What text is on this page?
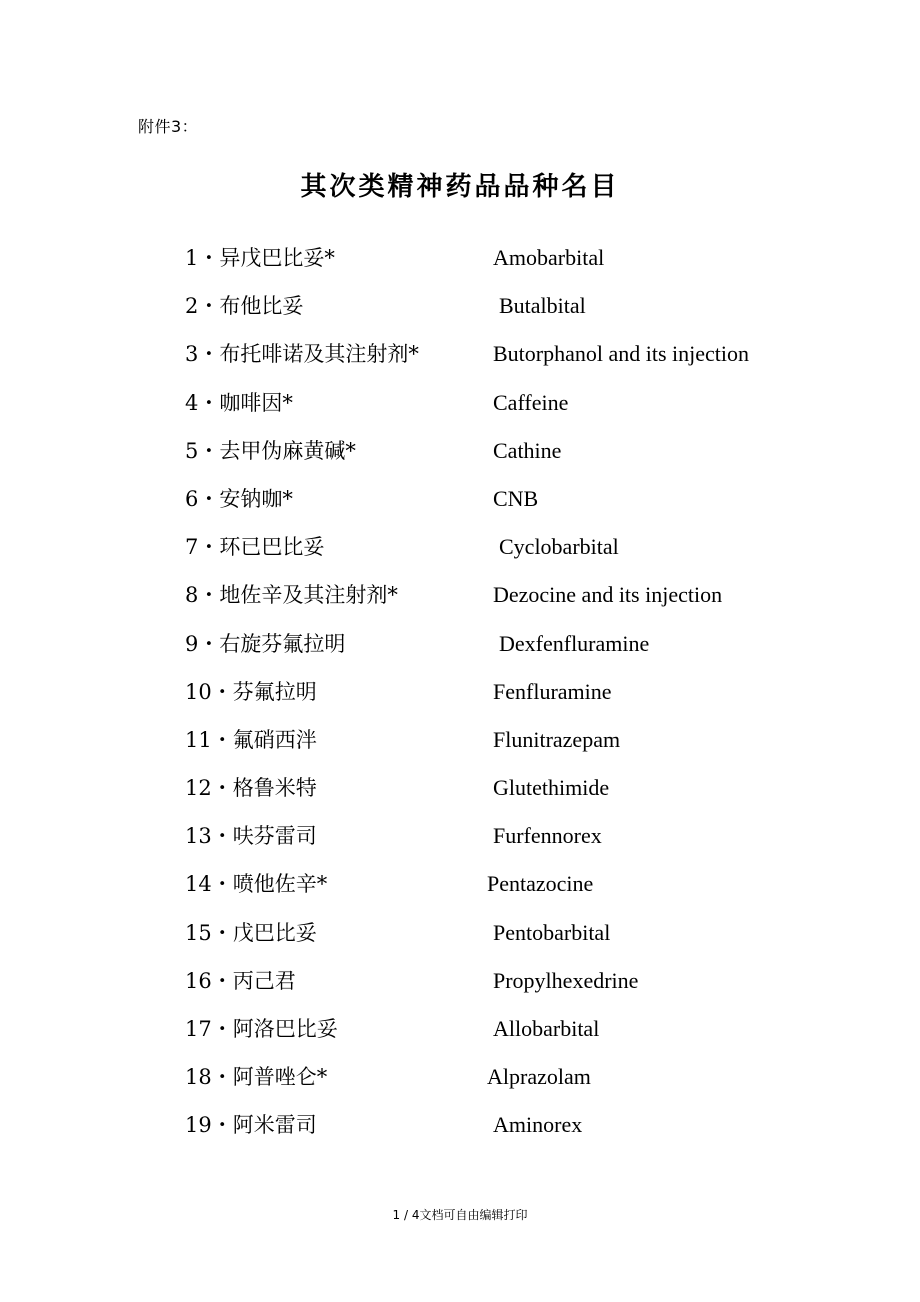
附件3：
其次类精神药品品种名目
1・异戊巴比妥*	Amobarbital
2・布他比妥	Butalbital
3・布托啡诺及其注射剂*	Butorphanol and its injection
4・咖啡因*	Caffeine
5・去甲伪麻黄碱*	Cathine
6・安钠咖*	CNB
7・环已巴比妥	Cyclobarbital
8・地佐辛及其注射剂*	Dezocine and its injection
9・右旋芬氟拉明	Dexfenfluramine
10・芬氟拉明	Fenfluramine
11・氟硝西泮	Flunitrazepam
12・格鲁米特	Glutethimide
13・呋芬雷司	Furfennorex
14・喷他佐辛*	Pentazocine
15・戊巴比妥	Pentobarbital
16・丙己君	Propylhexedrine
17・阿洛巴比妥	Allobarbital
18・阿普唑仑*	Alprazolam
19・阿米雷司	Aminorex
1 / 4文档可自由编辑打印
